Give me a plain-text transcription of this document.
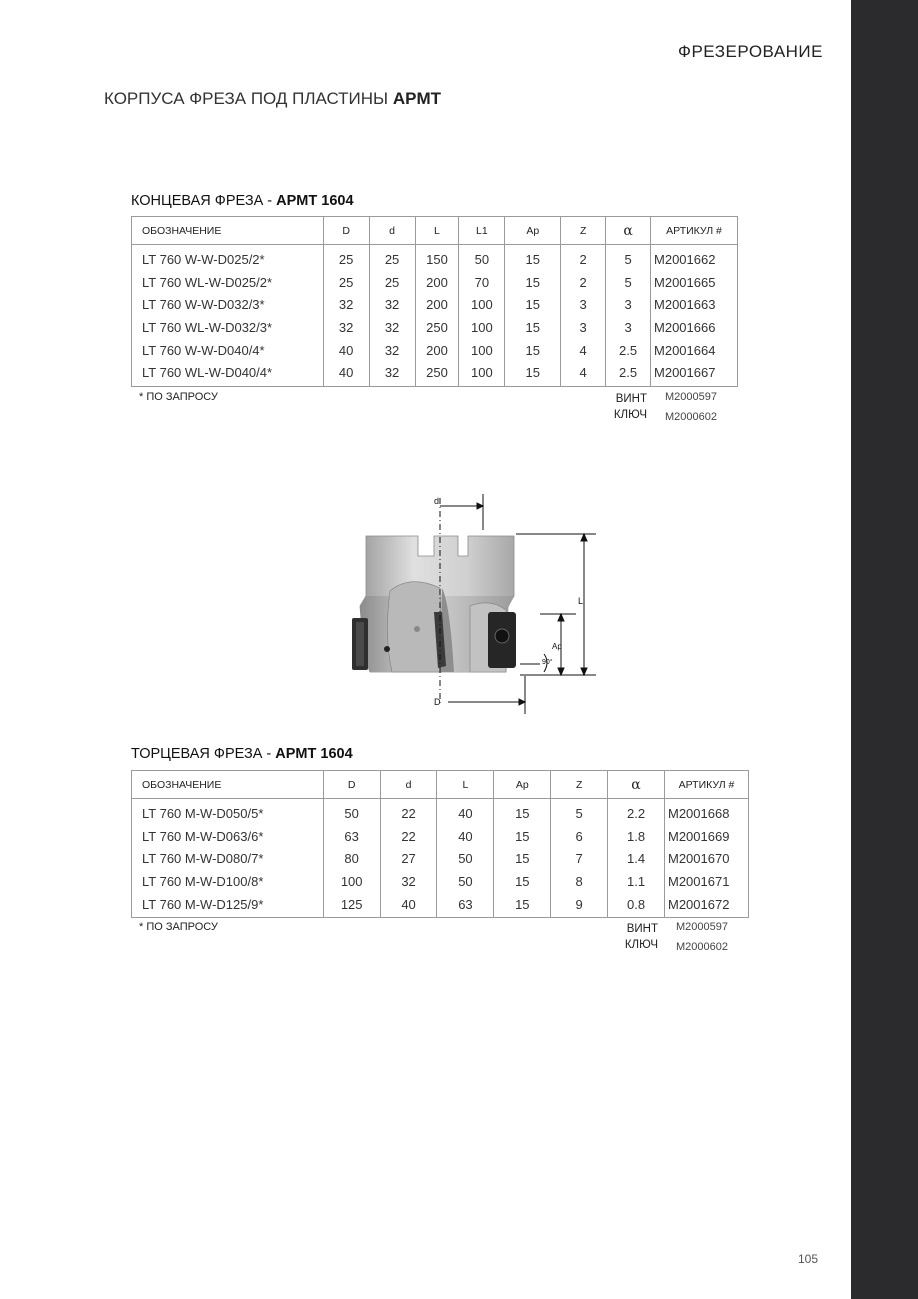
ФРЕЗЕРОВАНИЕ
КОРПУСА ФРЕЗА ПОД ПЛАСТИНЫ APMT
КОНЦЕВАЯ ФРЕЗА - APMT 1604
ОБОЗНАЧЕНИЕ	D	d	L	L1	Ap	Z	α	АРТИКУЛ #
LT 760 W-W-D025/2*	25	25	150	50	15	2	5	M2001662
LT 760 WL-W-D025/2*	25	25	200	70	15	2	5	M2001665
LT 760 W-W-D032/3*	32	32	200	100	15	3	3	M2001663
LT 760 WL-W-D032/3*	32	32	250	100	15	3	3	M2001666
LT 760 W-W-D040/4*	40	32	200	100	15	4	2.5	M2001664
LT 760 WL-W-D040/4*	40	32	250	100	15	4	2.5	M2001667
* ПО ЗАПРОСУ	ВИНТ M2000597
КЛЮЧ M2000602
d
L
Ap
90°
D
ТОРЦЕВАЯ ФРЕЗА - APMT 1604
ОБОЗНАЧЕНИЕ	D	d	L	Ap	Z	α	АРТИКУЛ #
LT 760 M-W-D050/5*	50	22	40	15	5	2.2	M2001668
LT 760 M-W-D063/6*	63	22	40	15	6	1.8	M2001669
LT 760 M-W-D080/7*	80	27	50	15	7	1.4	M2001670
LT 760 M-W-D100/8*	100	32	50	15	8	1.1	M2001671
LT 760 M-W-D125/9*	125	40	63	15	9	0.8	M2001672
* ПО ЗАПРОСУ	ВИНТ M2000597
КЛЮЧ M2000602
105
